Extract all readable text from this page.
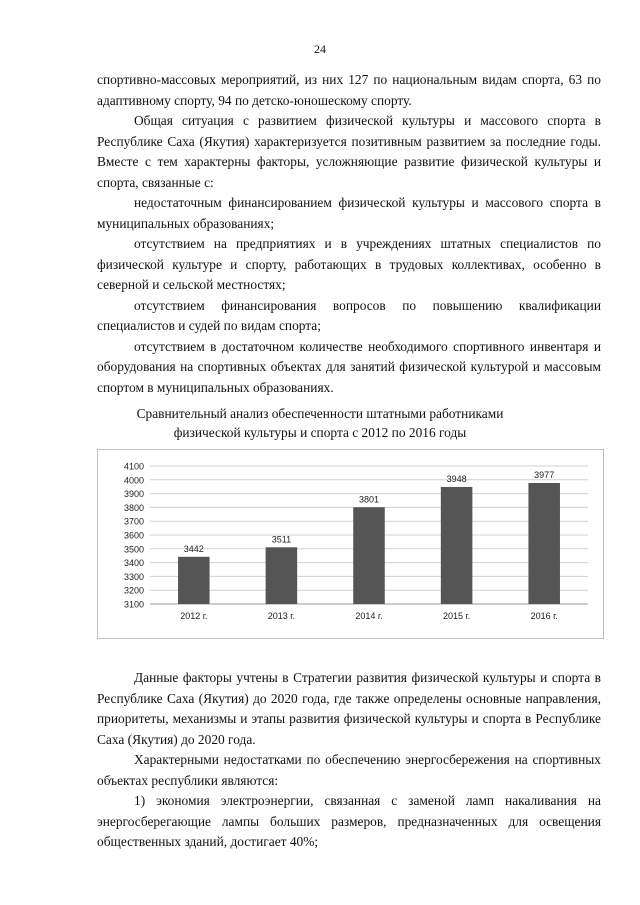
24

спортивно-массовых мероприятий, из них 127 по национальным видам спорта, 63 по адаптивному спорту, 94 по детско-юношескому спорту.

Общая ситуация с развитием физической культуры и массового спорта в Республике Саха (Якутия) характеризуется позитивным развитием за последние годы. Вместе с тем характерны факторы, усложняющие развитие физической культуры и спорта, связанные с:

недостаточным финансированием физической культуры и массового спорта в муниципальных образованиях;

отсутствием на предприятиях и в учреждениях штатных специалистов по физической культуре и спорту, работающих в трудовых коллективах, особенно в северной и сельской местностях;

отсутствием финансирования вопросов по повышению квалификации специалистов и судей по видам спорта;

отсутствием в достаточном количестве необходимого спортивного инвентаря и оборудования на спортивных объектах для занятий физической культурой и массовым спортом в муниципальных образованиях.

Сравнительный анализ обеспеченности штатными работниками
физической культуры и спорта с 2012 по 2016 годы
3100
3200
3300
3400
3500
3600
3700
3800
3900
4000
4100
3442
2012 г.
3511
2013 г.
3801
2014 г.
3948
2015 г.
3977
2016 г.

Данные факторы учтены в Стратегии развития физической культуры и спорта в Республике Саха (Якутия) до 2020 года, где также определены основные направления, приоритеты, механизмы и этапы развития физической культуры и спорта в Республике Саха (Якутия) до 2020 года.

Характерными недостатками по обеспечению энергосбережения на спортивных объектах республики являются:

1) экономия электроэнергии, связанная с заменой ламп накаливания на энергосберегающие лампы больших размеров, предназначенных для освещения общественных зданий, достигает 40%;
